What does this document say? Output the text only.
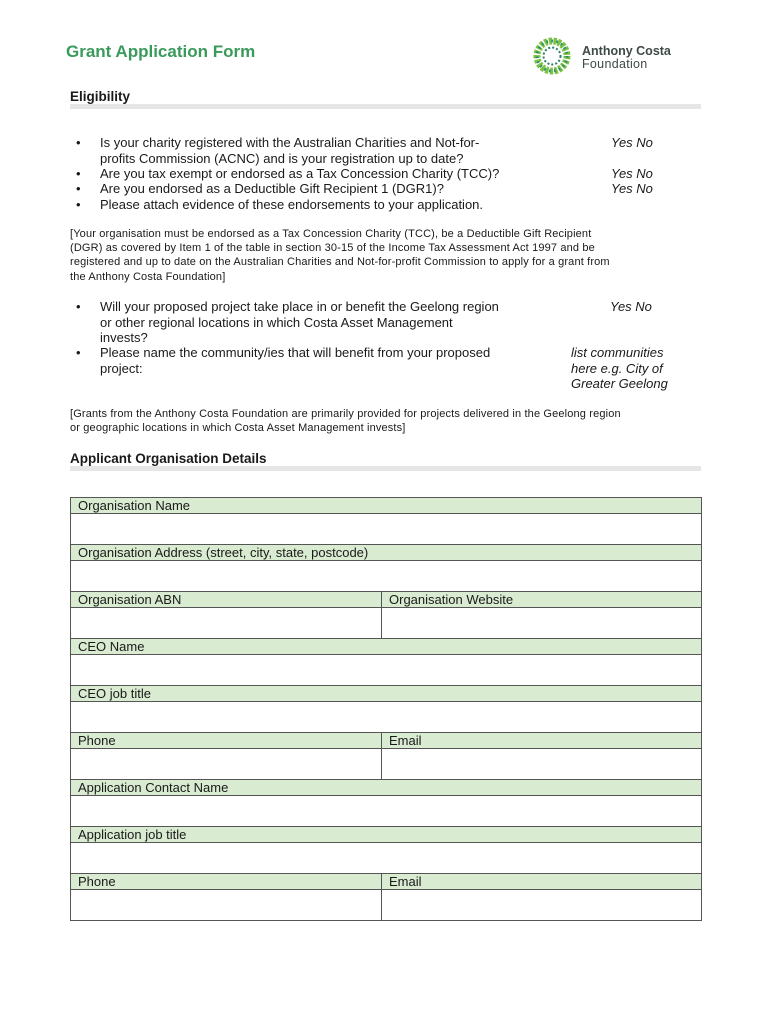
Grant Application Form	Anthony Costa
Foundation
Eligibility
• Is your charity registered with the Australian Charities and Not-for-
profits Commission (ACNC) and is your registration up to date?
Yes No
• Are you tax exempt or endorsed as a Tax Concession Charity (TCC)?	Yes No
• Are you endorsed as a Deductible Gift Recipient 1 (DGR1)?	Yes No
• Please attach evidence of these endorsements to your application.
[Your organisation must be endorsed as a Tax Concession Charity (TCC), be a Deductible Gift Recipient
(DGR) as covered by Item 1 of the table in section 30-15 of the Income Tax Assessment Act 1997 and be
registered and up to date on the Australian Charities and Not-for-profit Commission to apply for a grant from
the Anthony Costa Foundation]
• Will your proposed project take place in or benefit the Geelong region
or other regional locations in which Costa Asset Management
invests?
Yes No
• Please name the community/ies that will benefit from your proposed
project:
list communities
here e.g. City of
Greater Geelong
[Grants from the Anthony Costa Foundation are primarily provided for projects delivered in the Geelong region
or geographic locations in which Costa Asset Management invests]
Applicant Organisation Details
Organisation Name	

Organisation Address (street, city, state, postcode)	

Organisation ABN	Organisation Website

CEO Name	

CEO job title	

Phone	Email

Application Contact Name	

Application job title	

Phone	Email
